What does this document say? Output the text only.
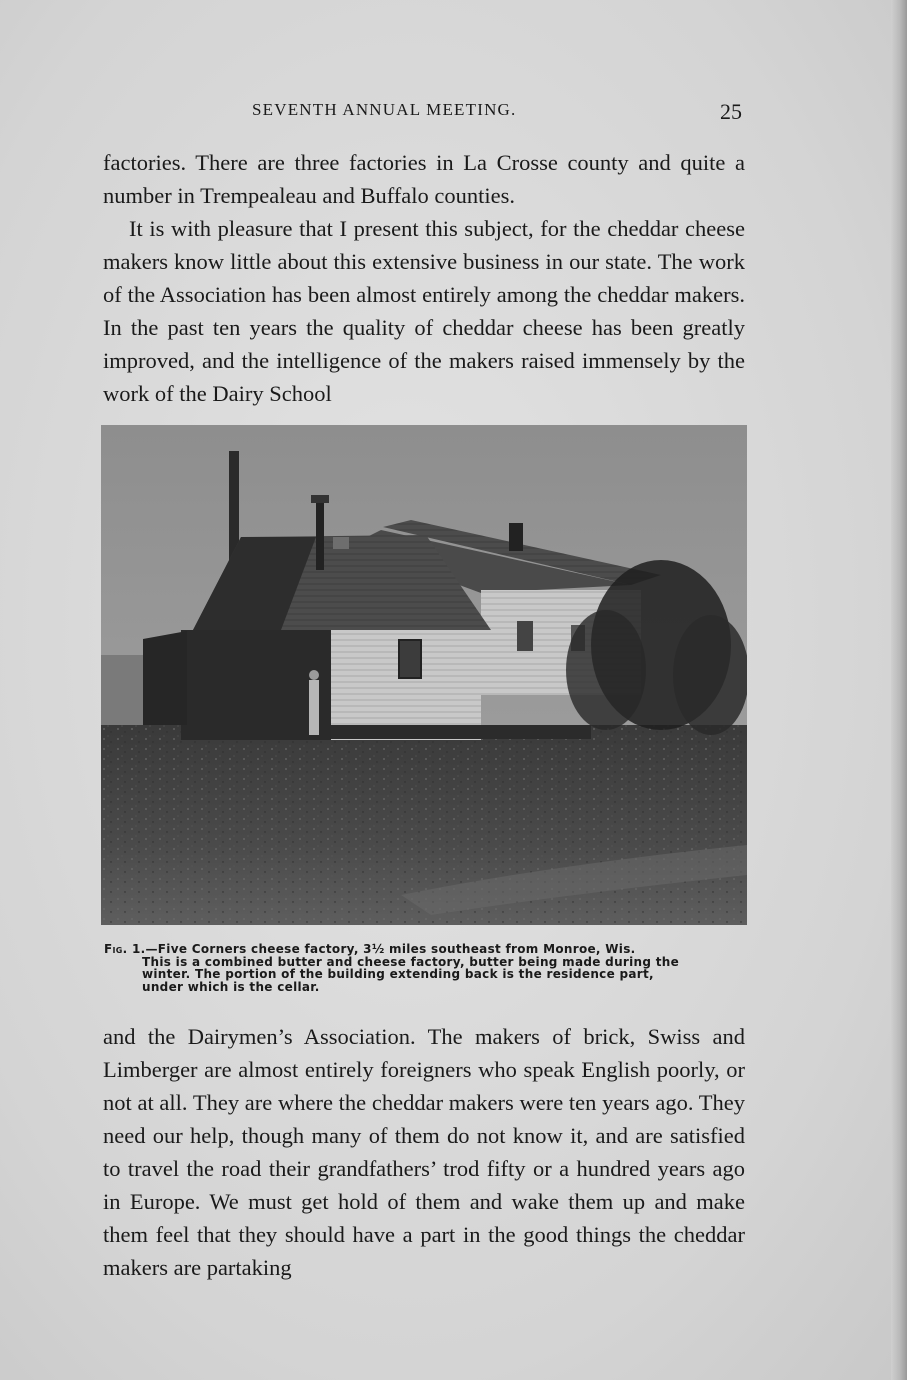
SEVENTH ANNUAL MEETING.	25

factories. There are three factories in La Crosse county and quite a number in Trempealeau and Buffalo counties.

It is with pleasure that I present this subject, for the cheddar cheese makers know little about this extensive business in our state. The work of the Association has been almost entirely among the cheddar makers. In the past ten years the quality of cheddar cheese has been greatly improved, and the intelligence of the makers raised immensely by the work of the Dairy School

Fig. 1.—Five Corners cheese factory, 3½ miles southeast from Monroe, Wis.
This is a combined butter and cheese factory, butter being made during the
winter. The portion of the building extending back is the residence part,
under which is the cellar.

and the Dairymen’s Association. The makers of brick, Swiss and Limberger are almost entirely foreigners who speak English poorly, or not at all. They are where the cheddar makers were ten years ago. They need our help, though many of them do not know it, and are satisfied to travel the road their grandfathers’ trod fifty or a hundred years ago in Europe. We must get hold of them and wake them up and make them feel that they should have a part in the good things the cheddar makers are partaking
